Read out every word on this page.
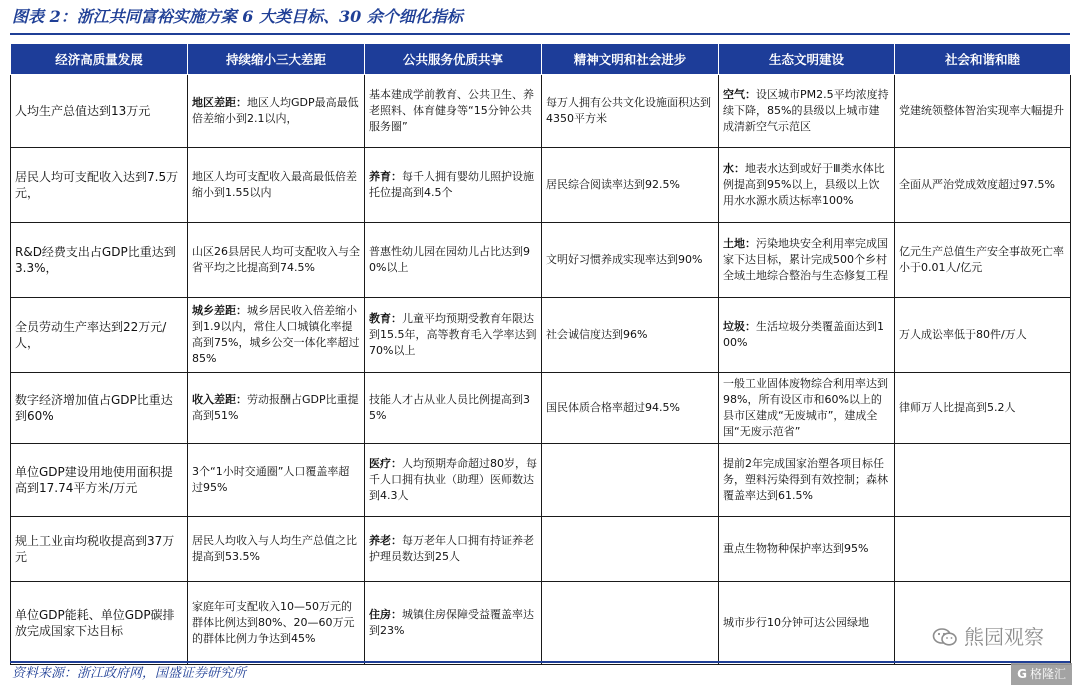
图表 2：浙江共同富裕实施方案 6 大类目标、30 余个细化指标
经济高质量发展	持续缩小三大差距	公共服务优质共享	精神文明和社会进步	生态文明建设	社会和谐和睦
人均生产总值达到13万元	地区差距：地区人均GDP最高最低倍差缩小到2.1以内，	基本建成学前教育、公共卫生、养老照料、体育健身等“15分钟公共服务圈”	每万人拥有公共文化设施面积达到4350平方米	空气：设区城市PM2.5平均浓度持续下降，85%的县级以上城市建成清新空气示范区	党建统领整体智治实现率大幅提升
居民人均可支配收入达到7.5万元，	地区人均可支配收入最高最低倍差缩小到1.55以内	养育：每千人拥有婴幼儿照护设施托位提高到4.5个	居民综合阅读率达到92.5%	水：地表水达到或好于Ⅲ类水体比例提高到95%以上，县级以上饮用水水源水质达标率100%	全面从严治党成效度超过97.5%
R&D经费支出占GDP比重达到3.3%，	山区26县居民人均可支配收入与全省平均之比提高到74.5%	普惠性幼儿园在园幼儿占比达到90%以上	文明好习惯养成实现率达到90%	土地：污染地块安全利用率完成国家下达目标，累计完成500个乡村全域土地综合整治与生态修复工程	亿元生产总值生产安全事故死亡率小于0.01人/亿元
全员劳动生产率达到22万元/人，	城乡差距：城乡居民收入倍差缩小到1.9以内，常住人口城镇化率提高到75%，城乡公交一体化率超过85%	教育：儿童平均预期受教育年限达到15.5年，高等教育毛入学率达到70%以上	社会诚信度达到96%	垃圾：生活垃圾分类覆盖面达到100%	万人成讼率低于80件/万人
数字经济增加值占GDP比重达到60%	收入差距：劳动报酬占GDP比重提高到51%	技能人才占从业人员比例提高到35%	国民体质合格率超过94.5%	一般工业固体废物综合利用率达到98%，所有设区市和60%以上的县市区建成“无废城市”，建成全国“无废示范省”	律师万人比提高到5.2人
单位GDP建设用地使用面积提高到17.74平方米/万元	3个“1小时交通圈”人口覆盖率超过95%	医疗：人均预期寿命超过80岁，每千人口拥有执业（助理）医师数达到4.3人		提前2年完成国家治塑各项目标任务，塑料污染得到有效控制；森林覆盖率达到61.5%	
规上工业亩均税收提高到37万元	居民人均收入与人均生产总值之比提高到53.5%	养老：每万老年人口拥有持证养老护理员数达到25人		重点生物物种保护率达到95%	
单位GDP能耗、单位GDP碳排放完成国家下达目标	家庭年可支配收入10—50万元的群体比例达到80%、20—60万元的群体比例力争达到45%	住房：城镇住房保障受益覆盖率达到23%		城市步行10分钟可达公园绿地	
资料来源：浙江政府网，国盛证券研究所
熊园观察
G 格隆汇
